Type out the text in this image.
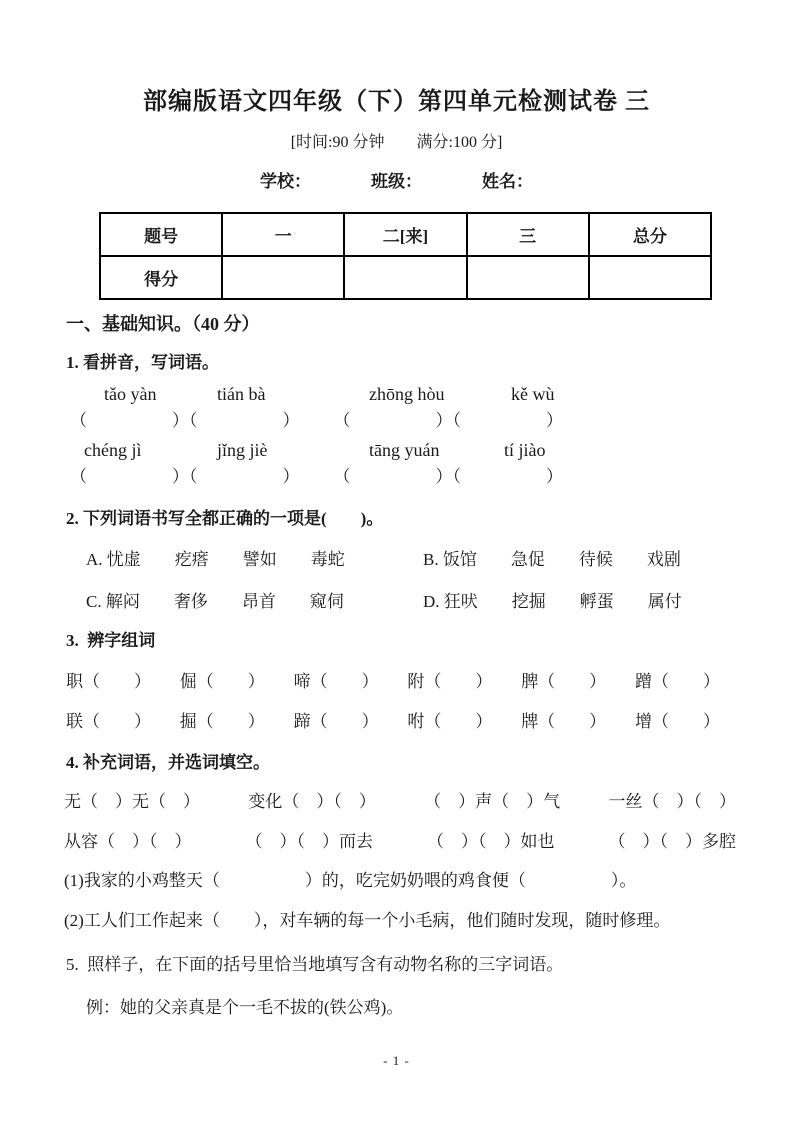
部编版语文四年级（下）第四单元检测试卷 三
[时间:90 分钟　　满分:100 分]
学校：	班级：	姓名：
题号	一	二[来]	三	总分
得分				
一、基础知识。（40 分）
1. 看拼音，写词语。
tǎo yàn	tián bà	zhōng hòu	kě wù
（　　　　　）（　　　　　）　　　（　　　　　）（　　　　　）
chéng jì	jǐng jiè	tāng yuán	tí jiào
（　　　　　）（　　　　　）　　　（　　　　　）（　　　　　）
2. 下列词语书写全都正确的一项是(　　)。
A. 忧虚　　疙瘩　　譬如　　毒蛇	B. 饭馆　　急促　　待候　　戏剧
C. 解闷　　奢侈　　昂首　　窥伺	D. 狂吠　　挖掘　　孵蛋　　属付
3.  辨字组词
职（　　） 倔（　　） 啼（　　） 附（　　） 脾（　　） 蹭（　　）
联（　　） 掘（　　） 蹄（　　） 咐（　　） 牌（　　） 增（　　）
4. 补充词语，并选词填空。
无（　）无（　）	变化（　）（　）	（　）声（　）气	一丝（　）（　）
从容（　）（　）	（　）（　）而去	（　）（　）如也	（　）（　）多腔
(1)我家的小鸡整天（　　　　　）的，吃完奶奶喂的鸡食便（　　　　　）。
(2)工人们工作起来（　　），对车辆的每一个小毛病，他们随时发现，随时修理。
5.  照样子，在下面的括号里恰当地填写含有动物名称的三字词语。
例：她的父亲真是个一毛不拔的(铁公鸡)。
- 1 -
